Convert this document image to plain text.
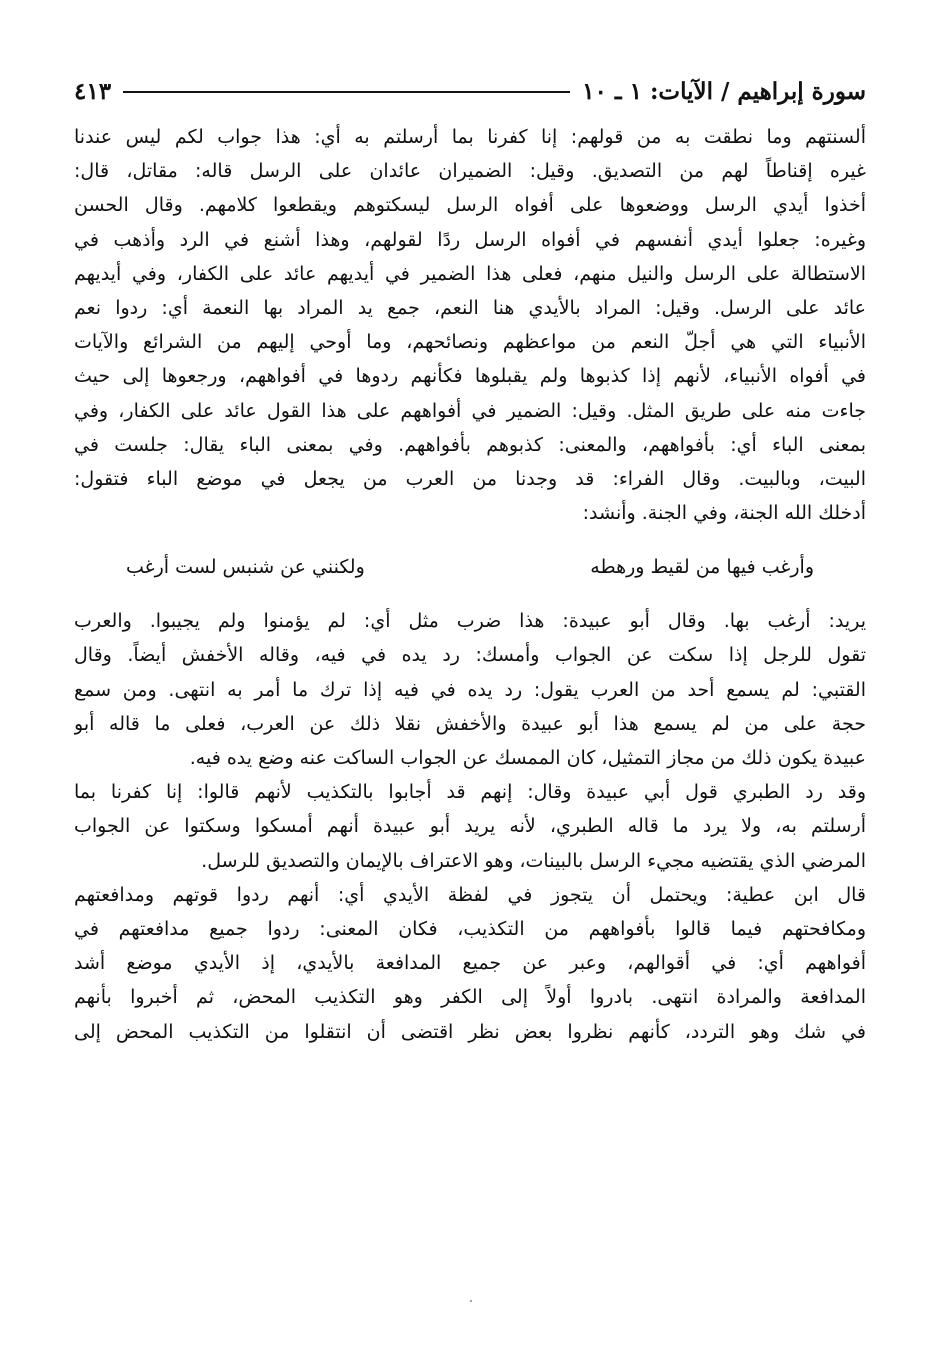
سورة إبراهيم / الآيات: ١ ـ ١٠
٤١٣
ألسنتهم وما نطقت به من قولهم: إنا كفرنا بما أرسلتم به أي: هذا جواب لكم ليس عندنا
غيره إقناطاً لهم من التصديق. وقيل: الضميران عائدان على الرسل قاله: مقاتل، قال:
أخذوا أيدي الرسل ووضعوها على أفواه الرسل ليسكتوهم ويقطعوا كلامهم. وقال الحسن
وغيره: جعلوا أيدي أنفسهم في أفواه الرسل ردًا لقولهم، وهذا أشنع في الرد وأذهب في
الاستطالة على الرسل والنيل منهم، فعلى هذا الضمير في أيديهم عائد على الكفار، وفي أيديهم
عائد على الرسل. وقيل: المراد بالأيدي هنا النعم، جمع يد المراد بها النعمة أي: ردوا نعم
الأنبياء التي هي أجلّ النعم من مواعظهم ونصائحهم، وما أوحي إليهم من الشرائع والآيات
في أفواه الأنبياء، لأنهم إذا كذبوها ولم يقبلوها فكأنهم ردوها في أفواههم، ورجعوها إلى حيث
جاءت منه على طريق المثل. وقيل: الضمير في أفواههم على هذا القول عائد على الكفار، وفي
بمعنى الباء أي: بأفواههم، والمعنى: كذبوهم بأفواههم. وفي بمعنى الباء يقال: جلست في
البيت، وبالبيت. وقال الفراء: قد وجدنا من العرب من يجعل في موضع الباء فتقول:
أدخلك الله الجنة، وفي الجنة. وأنشد:
وأرغب فيها من لقيط ورهطه
ولكنني عن شنبس لست أرغب
يريد: أرغب بها. وقال أبو عبيدة: هذا ضرب مثل أي: لم يؤمنوا ولم يجيبوا. والعرب
تقول للرجل إذا سكت عن الجواب وأمسك: رد يده في فيه، وقاله الأخفش أيضاً. وقال
القتبي: لم يسمع أحد من العرب يقول: رد يده في فيه إذا ترك ما أمر به انتهى. ومن سمع
حجة على من لم يسمع هذا أبو عبيدة والأخفش نقلا ذلك عن العرب، فعلى ما قاله أبو
عبيدة يكون ذلك من مجاز التمثيل، كان الممسك عن الجواب الساكت عنه وضع يده فيه.
وقد رد الطبري قول أبي عبيدة وقال: إنهم قد أجابوا بالتكذيب لأنهم قالوا: إنا كفرنا بما
أرسلتم به، ولا يرد ما قاله الطبري، لأنه يريد أبو عبيدة أنهم أمسكوا وسكتوا عن الجواب
المرضي الذي يقتضيه مجيء الرسل بالبينات، وهو الاعتراف بالإيمان والتصديق للرسل.
قال ابن عطية: ويحتمل أن يتجوز في لفظة الأيدي أي: أنهم ردوا قوتهم ومدافعتهم
ومكافحتهم فيما قالوا بأفواههم من التكذيب، فكان المعنى: ردوا جميع مدافعتهم في
أفواههم أي: في أقوالهم، وعبر عن جميع المدافعة بالأيدي، إذ الأيدي موضع أشد
المدافعة والمرادة انتهى. بادروا أولاً إلى الكفر وهو التكذيب المحض، ثم أخبروا بأنهم
في شك وهو التردد، كأنهم نظروا بعض نظر اقتضى أن انتقلوا من التكذيب المحض إلى
